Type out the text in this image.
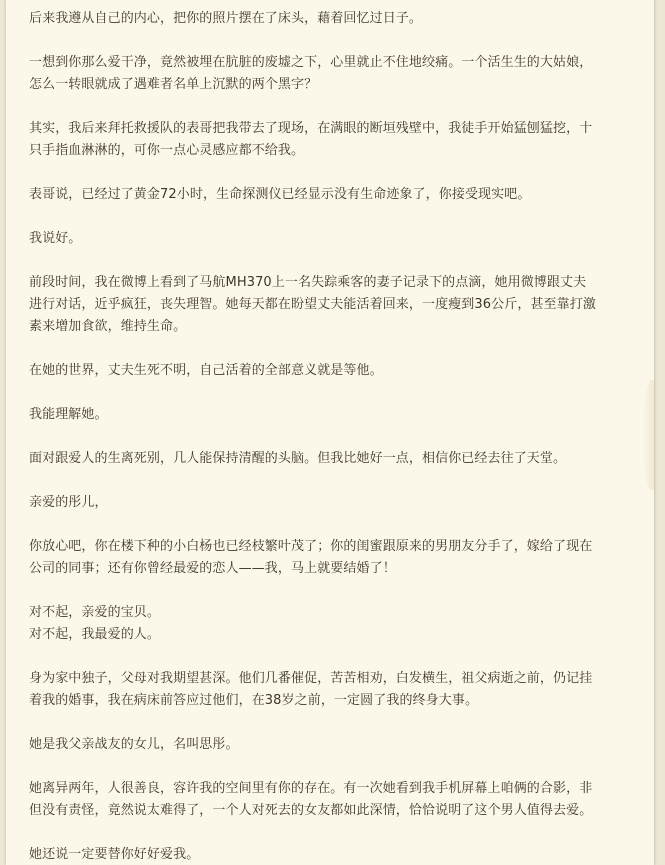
后来我遵从自己的内心，把你的照片摆在了床头，藉着回忆过日子。

一想到你那么爱干净，竟然被埋在肮脏的废墟之下，心里就止不住地绞痛。一个活生生的大姑娘，
怎么一转眼就成了遇难者名单上沉默的两个黑字？

其实，我后来拜托救援队的表哥把我带去了现场，在满眼的断垣残壁中，我徒手开始猛刨猛挖，十
只手指血淋淋的，可你一点心灵感应都不给我。

表哥说，已经过了黄金72小时，生命探测仪已经显示没有生命迹象了，你接受现实吧。

我说好。

前段时间，我在微博上看到了马航MH370上一名失踪乘客的妻子记录下的点滴，她用微博跟丈夫
进行对话，近乎疯狂，丧失理智。她每天都在盼望丈夫能活着回来，一度瘦到36公斤，甚至靠打激
素来增加食欲，维持生命。

在她的世界，丈夫生死不明，自己活着的全部意义就是等他。

我能理解她。

面对跟爱人的生离死别，几人能保持清醒的头脑。但我比她好一点，相信你已经去往了天堂。

亲爱的彤儿，

你放心吧，你在楼下种的小白杨也已经枝繁叶茂了；你的闺蜜跟原来的男朋友分手了，嫁给了现在
公司的同事；还有你曾经最爱的恋人——我，马上就要结婚了！

对不起，亲爱的宝贝。
对不起，我最爱的人。

身为家中独子，父母对我期望甚深。他们几番催促，苦苦相劝，白发横生，祖父病逝之前，仍记挂
着我的婚事，我在病床前答应过他们，在38岁之前，一定圆了我的终身大事。

她是我父亲战友的女儿，名叫思彤。

她离异两年，人很善良，容许我的空间里有你的存在。有一次她看到我手机屏幕上咱俩的合影，非
但没有责怪，竟然说太难得了，一个人对死去的女友都如此深情，恰恰说明了这个男人值得去爱。

她还说一定要替你好好爱我。
